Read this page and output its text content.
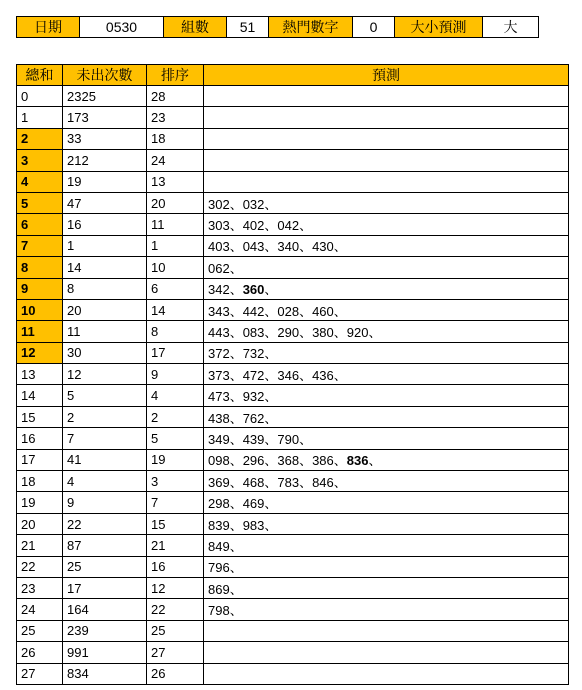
日期	0530	組數	51	熱門數字	0	大小預測	大
總和	未出次數	排序	預測
0	2325	28	
1	173	23	
2	33	18	
3	212	24	
4	19	13	
5	47	20	302、032、
6	16	11	303、402、042、
7	1	1	403、043、340、430、
8	14	10	062、
9	8	6	342、360、
10	20	14	343、442、028、460、
11	11	8	443、083、290、380、920、
12	30	17	372、732、
13	12	9	373、472、346、436、
14	5	4	473、932、
15	2	2	438、762、
16	7	5	349、439、790、
17	41	19	098、296、368、386、836、
18	4	3	369、468、783、846、
19	9	7	298、469、
20	22	15	839、983、
21	87	21	849、
22	25	16	796、
23	17	12	869、
24	164	22	798、
25	239	25	
26	991	27	
27	834	26	
